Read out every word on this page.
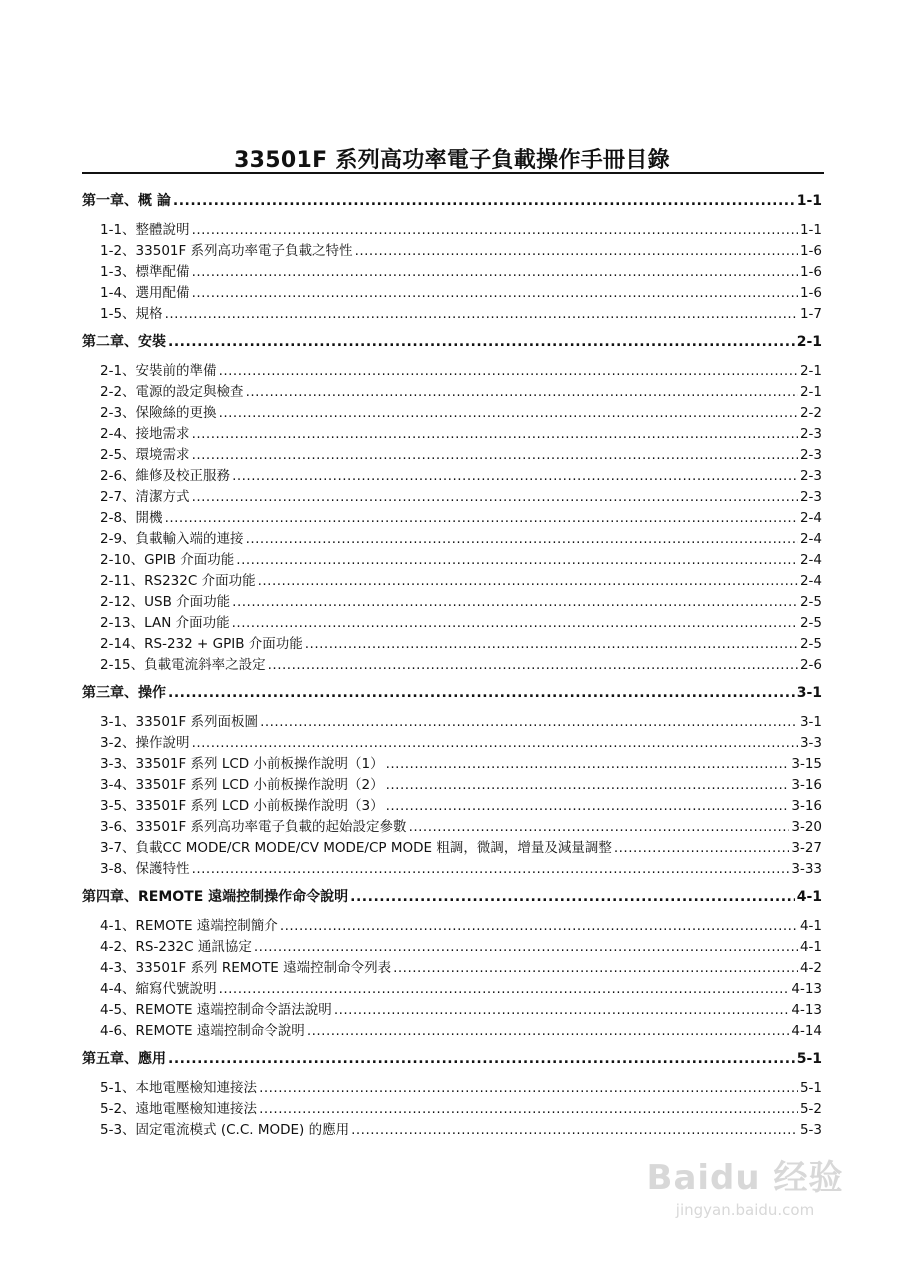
33501F 系列高功率電子負載操作手冊目錄
第一章、概 論 .....	1-1
1-1、整體說明 .....	1-1
1-2、33501F 系列高功率電子負載之特性 .....	1-6
1-3、標準配備 .....	1-6
1-4、選用配備 .....	1-6
1-5、規格 .....	1-7
第二章、安裝 .....	2-1
2-1、安裝前的準備 .....	2-1
2-2、電源的設定與檢查 .....	2-1
2-3、保險絲的更換 .....	2-2
2-4、接地需求 .....	2-3
2-5、環境需求 .....	2-3
2-6、維修及校正服務 .....	2-3
2-7、清潔方式 .....	2-3
2-8、開機 .....	2-4
2-9、負載輸入端的連接 .....	2-4
2-10、GPIB 介面功能 .....	2-4
2-11、RS232C 介面功能 .....	2-4
2-12、USB 介面功能 .....	2-5
2-13、LAN 介面功能 .....	2-5
2-14、RS-232 + GPIB 介面功能 .....	2-5
2-15、負載電流斜率之設定 .....	2-6
第三章、操作 .....	3-1
3-1、33501F 系列面板圖 .....	3-1
3-2、操作說明 .....	3-3
3-3、33501F 系列 LCD 小前板操作說明（1） .....	3-15
3-4、33501F 系列 LCD 小前板操作說明（2） .....	3-16
3-5、33501F 系列 LCD 小前板操作說明（3） .....	3-16
3-6、33501F 系列高功率電子負載的起始設定參數 .....	3-20
3-7、負載CC MODE/CR MODE/CV MODE/CP MODE 粗調，微調，增量及減量調整 .....	3-27
3-8、保護特性 .....	3-33
第四章、REMOTE 遠端控制操作命令說明 .....	4-1
4-1、REMOTE 遠端控制簡介 .....	4-1
4-2、RS-232C 通訊協定 .....	4-1
4-3、33501F 系列 REMOTE 遠端控制命令列表 .....	4-2
4-4、縮寫代號說明 .....	4-13
4-5、REMOTE 遠端控制命令語法說明 .....	4-13
4-6、REMOTE 遠端控制命令說明 .....	4-14
第五章、應用 .....	5-1
5-1、本地電壓檢知連接法 .....	5-1
5-2、遠地電壓檢知連接法 .....	5-2
5-3、固定電流模式 (C.C. MODE) 的應用 .....	5-3
Baidu 经验
jingyan.baidu.com
